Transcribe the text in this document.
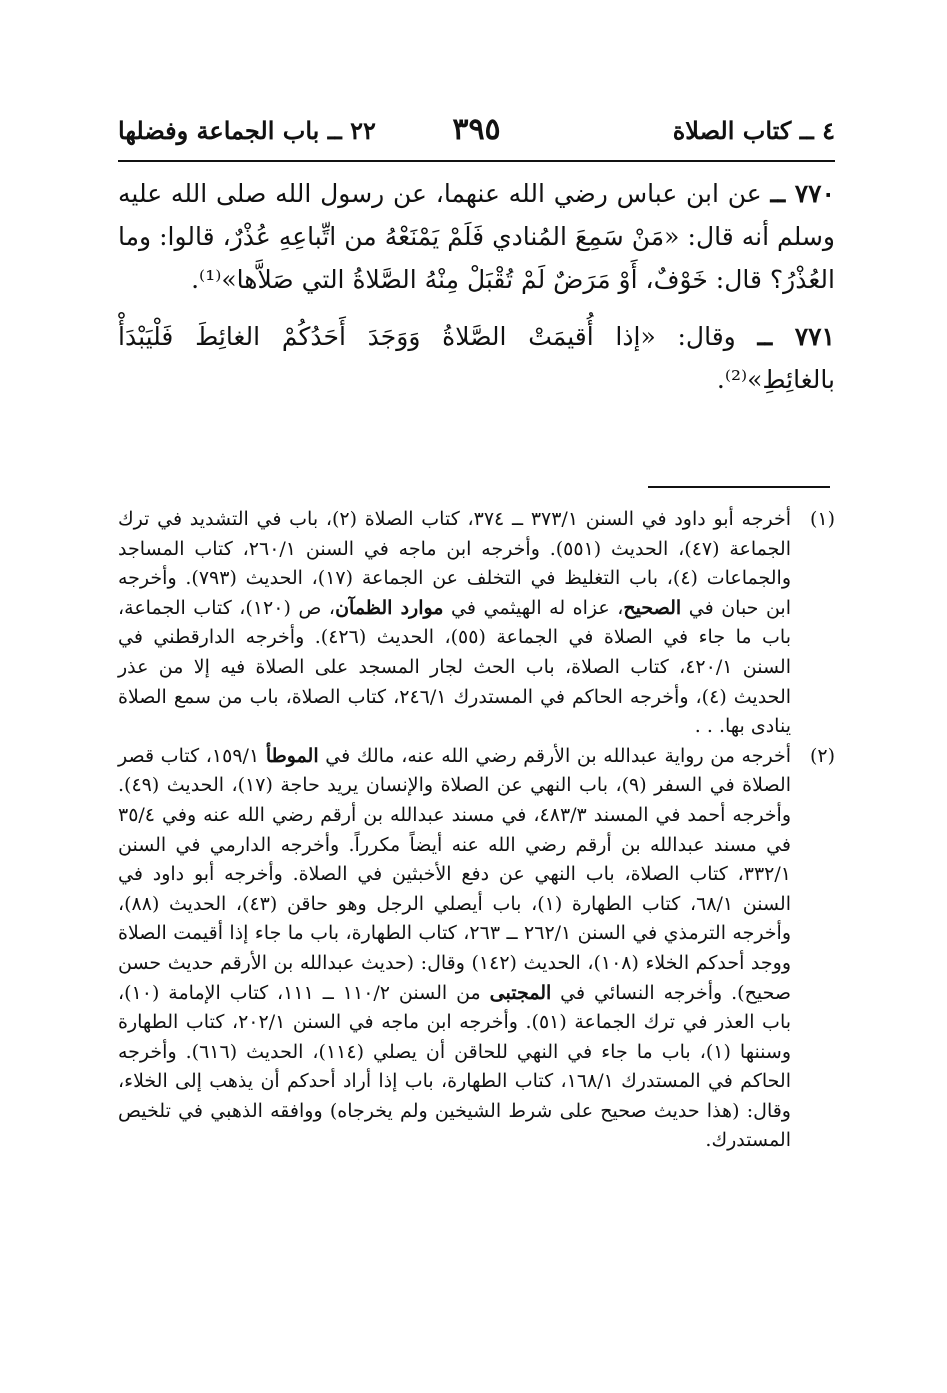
٤ ــ كتاب الصلاة
٣٩٥
٢٢ ــ باب الجماعة وفضلها

٧٧٠ ــ عن ابن عباس رضي الله عنهما، عن رسول الله صلى الله عليه وسلم أنه قال: «مَنْ سَمِعَ المُنادي فَلَمْ يَمْنَعْهُ من اتِّباعِهِ عُذْرٌ، قالوا: وما العُذْرُ؟ قال: خَوْفٌ، أَوْ مَرَضٌ لَمْ تُقْبَلْ مِنْهُ الصَّلاةُ التي صَلاَّها»⁽¹⁾.

٧٧١ ــ وقال: «إذا أُقيمَتْ الصَّلاةُ وَوَجَدَ أَحَدُكُمْ الغائِطَ فَلْيَبْدَأْ بالغائِطِ»⁽²⁾.

(١)
أخرجه أبو داود في السنن ٣٧٣/١ ــ ٣٧٤، كتاب الصلاة (٢)، باب في التشديد في ترك الجماعة (٤٧)، الحديث (٥٥١). وأخرجه ابن ماجه في السنن ٢٦٠/١، كتاب المساجد والجماعات (٤)، باب التغليظ في التخلف عن الجماعة (١٧)، الحديث (٧٩٣). وأخرجه ابن حبان في الصحيح، عزاه له الهيثمي في موارد الظمآن، ص (١٢٠)، كتاب الجماعة، باب ما جاء في الصلاة في الجماعة (٥٥)، الحديث (٤٢٦). وأخرجه الدارقطني في السنن ٤٢٠/١، كتاب الصلاة، باب الحث لجار المسجد على الصلاة فيه إلا من عذر الحديث (٤)، وأخرجه الحاكم في المستدرك ٢٤٦/١، كتاب الصلاة، باب من سمع الصلاة ينادى بها. . .
(٢)
أخرجه من رواية عبدالله بن الأرقم رضي الله عنه، مالك في الموطأ ١٥٩/١، كتاب قصر الصلاة في السفر (٩)، باب النهي عن الصلاة والإنسان يريد حاجة (١٧)، الحديث (٤٩). وأخرجه أحمد في المسند ٤٨٣/٣، في مسند عبدالله بن أرقم رضي الله عنه وفي ٣٥/٤ في مسند عبدالله بن أرقم رضي الله عنه أيضاً مكرراً. وأخرجه الدارمي في السنن ٣٣٢/١، كتاب الصلاة، باب النهي عن دفع الأخبثين في الصلاة. وأخرجه أبو داود في السنن ٦٨/١، كتاب الطهارة (١)، باب أيصلي الرجل وهو حاقن (٤٣)، الحديث (٨٨)، وأخرجه الترمذي في السنن ٢٦٢/١ ــ ٢٦٣، كتاب الطهارة، باب ما جاء إذا أقيمت الصلاة ووجد أحدكم الخلاء (١٠٨)، الحديث (١٤٢) وقال: (حديث عبدالله بن الأرقم حديث حسن صحيح). وأخرجه النسائي في المجتبى من السنن ١١٠/٢ ــ ١١١، كتاب الإمامة (١٠)، باب العذر في ترك الجماعة (٥١). وأخرجه ابن ماجه في السنن ٢٠٢/١، كتاب الطهارة وسننها (١)، باب ما جاء في النهي للحاقن أن يصلي (١١٤)، الحديث (٦١٦). وأخرجه الحاكم في المستدرك ١٦٨/١، كتاب الطهارة، باب إذا أراد أحدكم أن يذهب إلى الخلاء، وقال: (هذا حديث صحيح على شرط الشيخين ولم يخرجاه) ووافقه الذهبي في تلخيص المستدرك.
